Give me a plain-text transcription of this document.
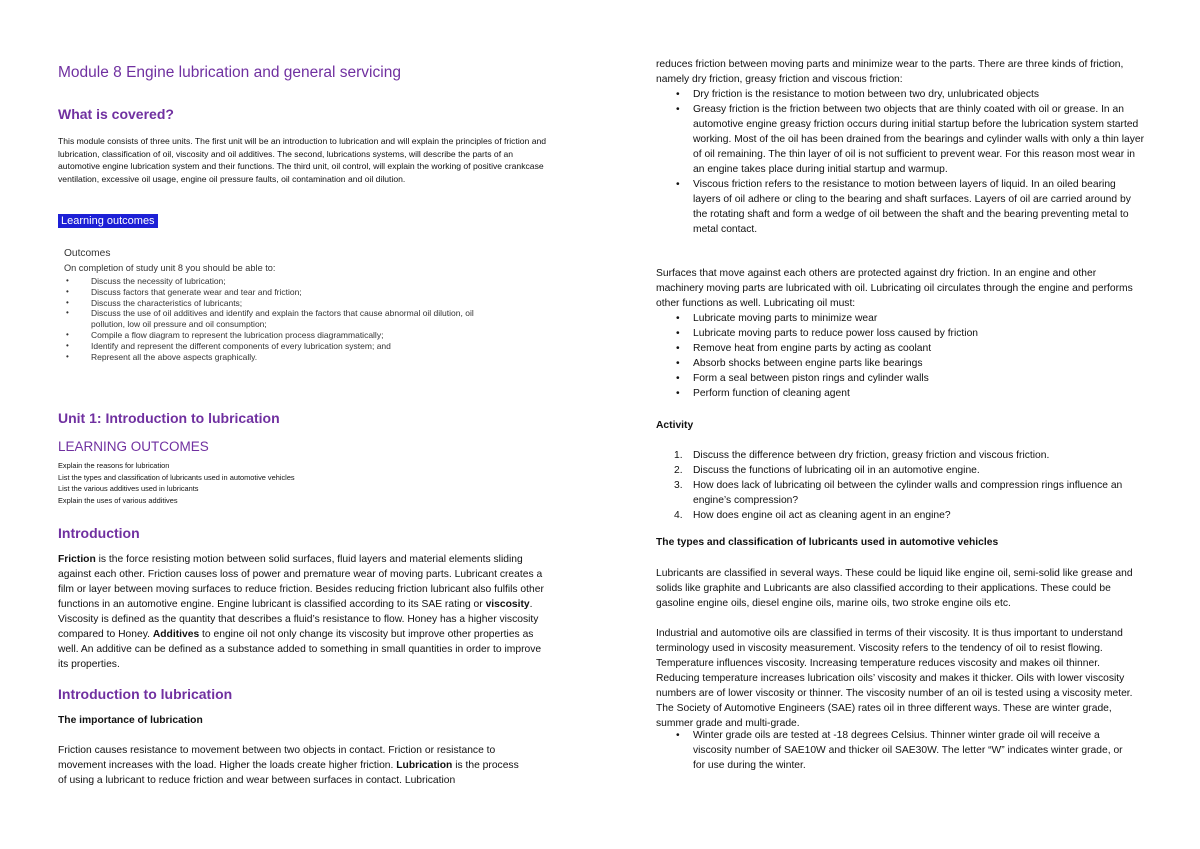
Module 8 Engine lubrication and general servicing
What is covered?

This module consists of three units. The first unit will be an introduction to lubrication and will explain the principles of friction and lubrication, classification of oil, viscosity and oil additives. The second, lubrications systems, will describe the parts of an automotive engine lubrication system and their functions. The third unit, oil control, will explain the working of positive crankcase ventilation, excessive oil usage, engine oil pressure faults, oil contamination and oil dilution.

Learning outcomes

Outcomes

On completion of study unit 8 you should be able to:

• Discuss the necessity of lubrication;
• Discuss factors that generate wear and tear and friction;
• Discuss the characteristics of lubricants;
• Discuss the use of oil additives and identify and explain the factors that cause abnormal oil dilution, oil pollution, low oil pressure and oil consumption;
• Compile a flow diagram to represent the lubrication process diagrammatically;
• Identify and represent the different components of every lubrication system; and
• Represent all the above aspects graphically.
Unit 1: Introduction to lubrication
LEARNING OUTCOMES

Explain the reasons for lubrication

List the types and classification of lubricants used in automotive vehicles

List the various additives used in lubricants

Explain the uses of various additives

Introduction

Friction is the force resisting motion between solid surfaces, fluid layers and material elements sliding against each other. Friction causes loss of power and premature wear of moving parts. Lubricant creates a film or layer between moving surfaces to reduce friction. Besides reducing friction lubricant also fulfils other functions in an automotive engine. Engine lubricant is classified according to its SAE rating or viscosity. Viscosity is defined as the quantity that describes a fluid’s resistance to flow. Honey has a higher viscosity compared to Honey. Additives to engine oil not only change its viscosity but improve other properties as well. An additive can be defined as a substance added to something in small quantities in order to improve its properties.

Introduction to lubrication

The importance of lubrication

Friction causes resistance to movement between two objects in contact. Friction or resistance to movement increases with the load. Higher the loads create higher friction. Lubrication is the process of using a lubricant to reduce friction and wear between surfaces in contact. Lubrication

reduces friction between moving parts and minimize wear to the parts. There are three kinds of friction, namely dry friction, greasy friction and viscous friction:

• Dry friction is the resistance to motion between two dry, unlubricated objects
• Greasy friction is the friction between two objects that are thinly coated with oil or grease. In an automotive engine greasy friction occurs during initial startup before the lubrication system started working. Most of the oil has been drained from the bearings and cylinder walls with only a thin layer of oil remaining. The thin layer of oil is not sufficient to prevent wear. For this reason most wear in an engine takes place during initial startup and warmup.
• Viscous friction refers to the resistance to motion between layers of liquid. In an oiled bearing layers of oil adhere or cling to the bearing and shaft surfaces. Layers of oil are carried around by the rotating shaft and form a wedge of oil between the shaft and the bearing preventing metal to metal contact.

Surfaces that move against each others are protected against dry friction. In an engine and other machinery moving parts are lubricated with oil. Lubricating oil circulates through the engine and performs other functions as well. Lubricating oil must:

• Lubricate moving parts to minimize wear
• Lubricate moving parts to reduce power loss caused by friction
• Remove heat from engine parts by acting as coolant
• Absorb shocks between engine parts like bearings
• Form a seal between piston rings and cylinder walls
• Perform function of cleaning agent

Activity

1. Discuss the difference between dry friction, greasy friction and viscous friction.
2. Discuss the functions of lubricating oil in an automotive engine.
3. How does lack of lubricating oil between the cylinder walls and compression rings influence an engine’s compression?
4. How does engine oil act as cleaning agent in an engine?

The types and classification of lubricants used in automotive vehicles

Lubricants are classified in several ways. These could be liquid like engine oil, semi-solid like grease and solids like graphite and Lubricants are also classified according to their applications. These could be gasoline engine oils, diesel engine oils, marine oils, two stroke engine oils etc.

Industrial and automotive oils are classified in terms of their viscosity. It is thus important to understand terminology used in viscosity measurement. Viscosity refers to the tendency of oil to resist flowing. Temperature influences viscosity. Increasing temperature reduces viscosity and makes oil thinner. Reducing temperature increases lubrication oils’ viscosity and makes it thicker. Oils with lower viscosity numbers are of lower viscosity or thinner. The viscosity number of an oil is tested using a viscosity meter. The Society of Automotive Engineers (SAE) rates oil in three different ways. These are winter grade, summer grade and multi-grade.

• Winter grade oils are tested at -18 degrees Celsius. Thinner winter grade oil will receive a viscosity number of SAE10W and thicker oil SAE30W. The letter “W” indicates winter grade, or for use during the winter.
